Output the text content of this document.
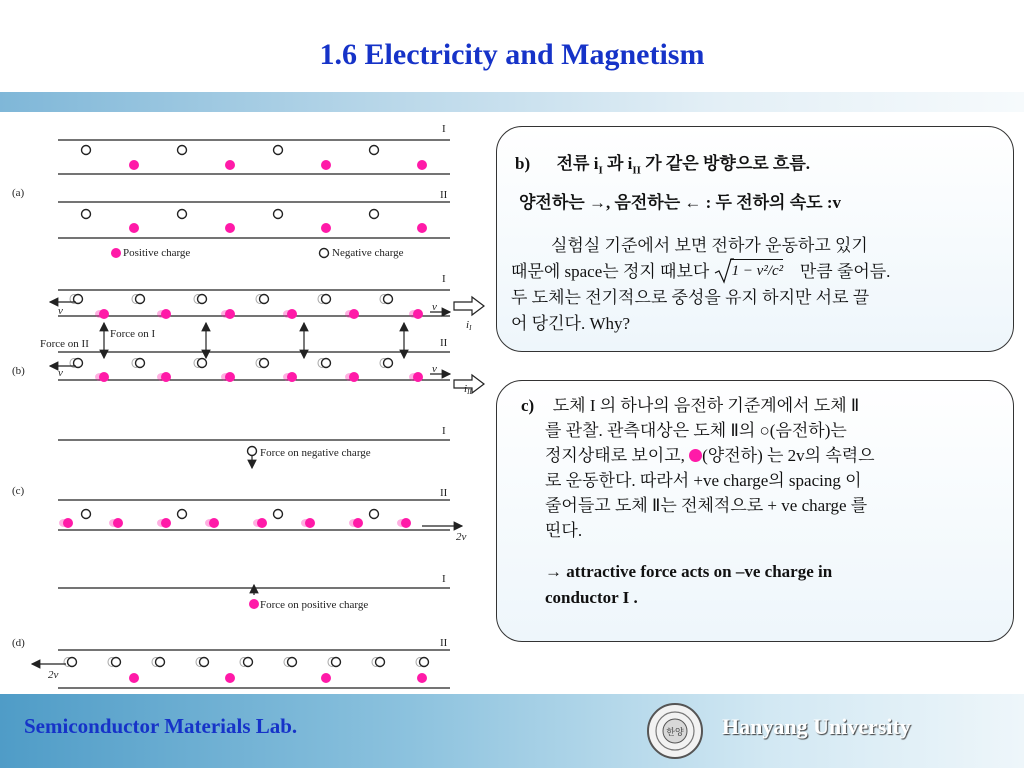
1.6 Electricity and Magnetism
(a)
(b)
(c)
(d)
I
II
I
II
I
II
I
II
Positive charge	Negative charge
v	v
v	v
iI
iII
Force on I
Force on II
Force on negative charge
Force on positive charge
2v
2v
b) 전류 $i_I$ 과 $i_{II}$ 가 같은 방향으로 흐름.
양전하는 →, 음전하는 ← : 두 전하의 속도 :v
실험실 기준에서 보면 전하가 운동하고 있기
때문에 space는 정지 때보다 1 − v²/c² 만큼 줄어듬.
두 도체는 전기적으로 중성을 유지 하지만 서로 끌
어 당긴다. Why?
c) 도체 I 의 하나의 음전하 기준계에서 도체 Ⅱ
를 관찰. 관측대상은 도체 Ⅱ의 ○(음전하)는
정지상태로 보이고, (양전하) 는 2v의 속력으
로 운동한다. 따라서 +ve charge의 spacing 이
줄어들고 도체 Ⅱ는 전체적으로 + ve charge 를
띤다.
→ attractive force acts on –ve charge in
conductor I .
Semiconductor Materials Lab.	한양 Hanyang University
